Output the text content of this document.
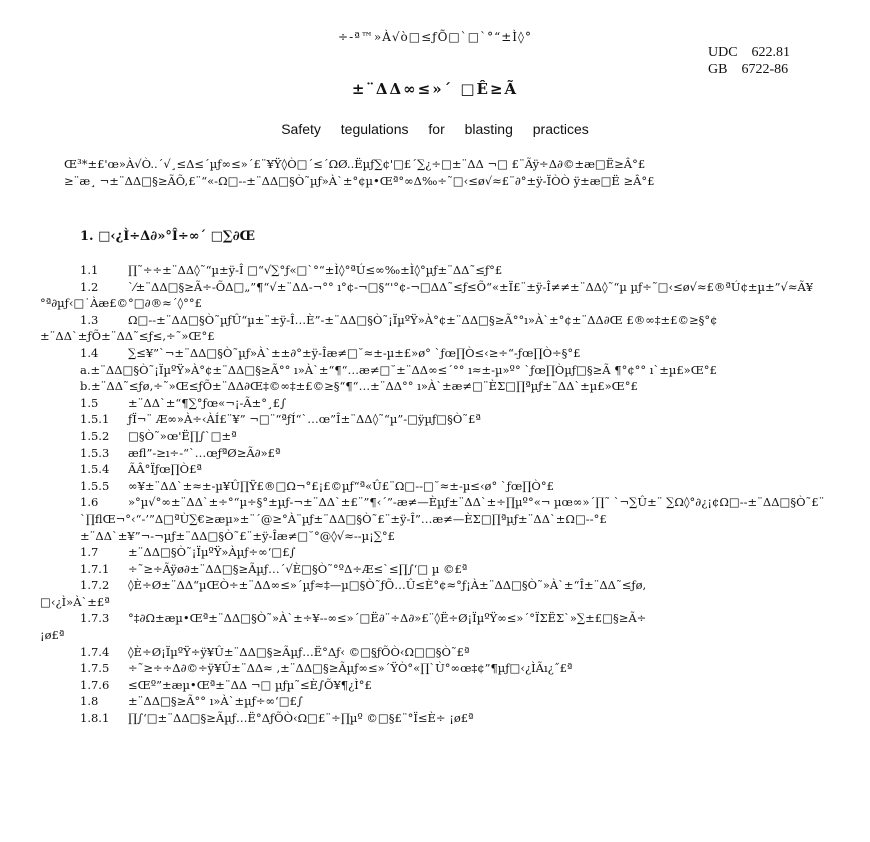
÷-ª™»À√ò□≤ƒÕ□`□`°“±Ì◊°
UDC    622.81
GB    6722-86
±¨ΔΔ∞≤»´ □Ê≥Ã
Safety tegulations for blasting practices

Œ³*±£'œ»À√Ò..´√¸≤Δ≤´µƒ∞≤»´£¨¥Ÿ◊Ò□´≤´ΩØ..Ëµƒ∑¢'□£´∑¿÷□±¨ΔΔ ¬□ £¨Ãÿ÷Δ∂©±æ□Ë≥Â°£

≥¨æ¸ ¬±¨ΔΔ□§≥ÃÕ,£¨“«-Ω□--±¨ΔΔ□§Ò˜µƒ»À`±°¢µ•Œª°∞Δ‰÷˜□‹≤ø√≈£¨∂°±ÿ-ÏÒÒ ÿ±æ□Ë ≥Â°£

1. □‹¿Ì÷Δ∂»°Î÷∞´ □∑∂Œ

1.1	∏˜÷÷±¨ΔΔ◊˜“µ±ÿ-Î □“√∑°ƒ«□`°“±Ì◊°ªÚ≤∞‰±Ì◊°µƒ±¨ΔΔ˜≤ƒ°£

1.2	`⁄±¨ΔΔ□§≥Ã÷-ÕΔ□„”¶“√±¨ΔΔ-¬°° ı°¢-¬□§“'°¢-¬□ΔΔ˜≤ƒ≤Õ“«±Ï£¨±ÿ-Î≠≠±¨ΔΔ◊˜“µ µƒ÷˜□‹≤ø√≈£®ªÚ¢±µ±”√≈Ã¥°ª∂µƒ‹□˙Àæ£©°□∂®≈´◊°°£

1.3	Ω□--±¨ΔΔ□§Ò˜µƒÛ“µ±¨±ÿ-Î…È”-±¨ΔΔ□§Ò˜¡ÏµºŸ»À°¢±¨ΔΔ□§≥Ã°°ı»À`±°¢±¨ΔΔ∂Œ £®∞‡±£©≥§°¢±¨ΔΔ`±ƒÕ±¨ΔΔ˜≤ƒ≤,÷˜»Œ°£

1.4	∑≤¥”`¬±¨ΔΔ□§Ò˜µƒ»À`±±∂°±ÿ-Îæ≠□˘≈±-µ±£»ø° `ƒœ∏Ò≤‹≥÷“-ƒœ∏Ò÷§°£

a.±¨ΔΔ□§Ò˜¡ÏµºŸ»À°¢±¨ΔΔ□§≥Ã°° ı»À`±“¶“…æ≠□˘±¨ΔΔ∞≤´°° ı≈±-µ»º° `ƒœ∏Òµƒ□§≥Ã ¶°¢°° ı`±µ£»Œ°£

b.±¨ΔΔ˜≤ƒø,÷˜»Œ≤ƒÕ±¨ΔΔ∂Œ‡©∞‡±£©≥§“¶“…±¨ΔΔ°° ı»À`±æ≠□¨ÈΣ□∏ªµƒ±¨ΔΔ`±µ£»Œ°£

1.5	±¨ΔΔ`±“¶∑°ƒœ«¬¡-Ã±°¸£∫

1.5.1 ƒÏ¬¨ Æ∞»À÷‹ÀÍ£¨¥” ¬□¨“ªƒÍ“`…œ”Î±¨ΔΔ◊˜“µ”-□ÿµƒ□§Ò˜£ª

1.5.2 □§Ò˜»œ'Ë∏∫`□±ª

1.5.3 æfl”-≥ı÷-“`…œƒªØ≥Ã∂»£ª

1.5.4 ÃÂ°Ïƒœ∏Ò£ª

1.5.5 ∞¥±¨ΔΔ`±≈±-µ¥Û∏Ÿ£®□Ω¬°£¡£©µƒ“ª«Û£¨Ω□--□˘≈±-µ≤‹ø° `ƒœ∏Ò°£

1.6	»°µ√°∞±¨ΔΔ`±÷°“µ÷§°±µƒ-¬±¨ΔΔ`±£¨”¶‹´”-æ≠—Èµƒ±¨ΔΔ`±÷∏µº°«¬ µœ∞»´∏˜ `¬∑Û±¨ ∑Ω◊°∂¿¡¢Ω□--±¨ΔΔ□§Ò˜£¨

`∏flŒ¬°‹“-’”Δ□ªÙ∑€≥æµ»±¨´@≥°À¨µƒ±¨ΔΔ□§Ò˜£¨±ÿ-Î”…æ≠—ÈΣ□∏ªµƒ±¨ΔΔ`±Ω□--°£

±¨ΔΔ`±¥”¬-¬µƒ±¨ΔΔ□§Ò˜£¨±ÿ-Îæ≠□˘°@◊√≈--µ¡∑°£

1.7	±¨ΔΔ□§Ò˜¡ÏµºŸ»Àµƒ÷∞‘□£∫

1.7.1 ÷˜≥÷Ãÿø∂±¨ΔΔ□§≥Ãµƒ…´√È□§Ò˜°ºΔ÷Æ≤`≤∏∫‘□ µ ©£ª

1.7.2 ◊È÷Ø±¨ΔΔ“µŒÒ÷±¨ΔΔ∞≤»´µƒ≈‡—µ□§Ò˜ƒÕ…Û≤È°¢≈°ƒ¡À±¨ΔΔ□§Ò˜»À`±“Î±¨ΔΔ˜≤ƒø,

□‹¿Ì»À`±£ª

1.7.3 °‡∂Ω±æµ•Œª±¨ΔΔ□§Ò˜»À`±÷¥--∞≤»´□Ë∂¨÷Δ∂»£¨◊Ë÷Ø¡ÏµºŸ∞≤»´°ÏΣËΣ`»∑±£□§≥Ã÷

¡ø£ª

1.7.4 ◊È÷Ø¡ÏµºŸ÷ÿ¥Û±¨ΔΔ□§≥Ãµƒ…Ë°Δƒ‹ ©□§ƒÕÒ‹Ω□□§Ò˜£ª

1.7.5 ÷˜≥÷÷Δ∂©÷ÿ¥Û±¨ΔΔ≈ ,±¨ΔΔ□§≥Ãµƒ∞≤»´ŸÒ°«∏`Ù°∞œ‡¢”¶µƒ□‹¿ÌÃı¿˝£ª

1.7.6 ≤Œº”±æµ•Œª±¨ΔΔ ¬□ µƒµ˜≤È∫Õ¥¶¿Ì°£

1.8	±¨ΔΔ□§≥Ã°° ı»À`±µƒ÷∞‘□£∫

1.8.1 ∏∫‘□±¨ΔΔ□§≥Ãµƒ…Ë°ΔƒÕÒ‹Ω□£¨÷∏µº ©□§£¨°Ï≤È÷ ¡ø£ª
